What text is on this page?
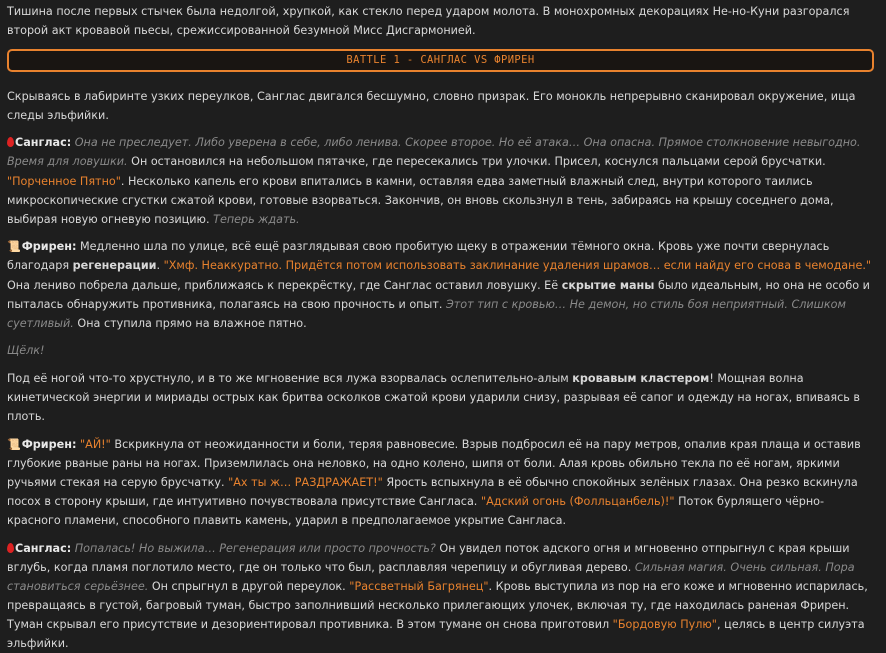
Тишина после первых стычек была недолгой, хрупкой, как стекло перед ударом молота. В монохромных декорациях Не-но-Куни разгорался второй акт кровавой пьесы, срежиссированной безумной Мисс Дисгармонией.

BATTLE 1 - САНГЛАС VS ФРИРЕН

Скрываясь в лабиринте узких переулков, Санглас двигался бесшумно, словно призрак. Его монокль непрерывно сканировал окружение, ища следы эльфийки.

Санглас: Она не преследует. Либо уверена в себе, либо ленива. Скорее второе. Но её атака… Она опасна. Прямое столкновение невыгодно. Время для ловушки. Он остановился на небольшом пятачке, где пересекались три улочки. Присел, коснулся пальцами серой брусчатки. "Порченное Пятно". Несколько капель его крови впитались в камни, оставляя едва заметный влажный след, внутри которого таились микроскопические сгустки сжатой крови, готовые взорваться. Закончив, он вновь скользнул в тень, забираясь на крышу соседнего дома, выбирая новую огневую позицию. Теперь ждать.

📜Фрирен: Медленно шла по улице, всё ещё разглядывая свою пробитую щеку в отражении тёмного окна. Кровь уже почти свернулась благодаря регенерации. "Хмф. Неаккуратно. Придётся потом использовать заклинание удаления шрамов… если найду его снова в чемодане." Она лениво побрела дальше, приближаясь к перекрёстку, где Санглас оставил ловушку. Её скрытие маны было идеальным, но она не особо и пыталась обнаружить противника, полагаясь на свою прочность и опыт. Этот тип с кровью… Не демон, но стиль боя неприятный. Слишком суетливый. Она ступила прямо на влажное пятно.

Щёлк!

Под её ногой что-то хрустнуло, и в то же мгновение вся лужа взорвалась ослепительно-алым кровавым кластером! Мощная волна кинетической энергии и мириады острых как бритва осколков сжатой крови ударили снизу, разрывая её сапог и одежду на ногах, впиваясь в плоть.

📜Фрирен: "АЙ!" Вскрикнула от неожиданности и боли, теряя равновесие. Взрыв подбросил её на пару метров, опалив края плаща и оставив глубокие рваные раны на ногах. Приземлилась она неловко, на одно колено, шипя от боли. Алая кровь обильно текла по её ногам, яркими ручьями стекая на серую брусчатку. "Ах ты ж… РАЗДРАЖАЕТ!" Ярость вспыхнула в её обычно спокойных зелёных глазах. Она резко вскинула посох в сторону крыши, где интуитивно почувствовала присутствие Сангласа. "Адский огонь (Фолльцанбель)!" Поток бурлящего чёрно-красного пламени, способного плавить камень, ударил в предполагаемое укрытие Сангласа.

Санглас: Попалась! Но выжила… Регенерация или просто прочность? Он увидел поток адского огня и мгновенно отпрыгнул с края крыши вглубь, когда пламя поглотило место, где он только что был, расплавляя черепицу и обугливая дерево. Сильная магия. Очень сильная. Пора становиться серьёзнее. Он спрыгнул в другой переулок. "Рассветный Багрянец". Кровь выступила из пор на его коже и мгновенно испарилась, превращаясь в густой, багровый туман, быстро заполнивший несколько прилегающих улочек, включая ту, где находилась раненая Фрирен. Туман скрывал его присутствие и дезориентировал противника. В этом тумане он снова приготовил "Бордовую Пулю", целясь в центр силуэта эльфийки.
